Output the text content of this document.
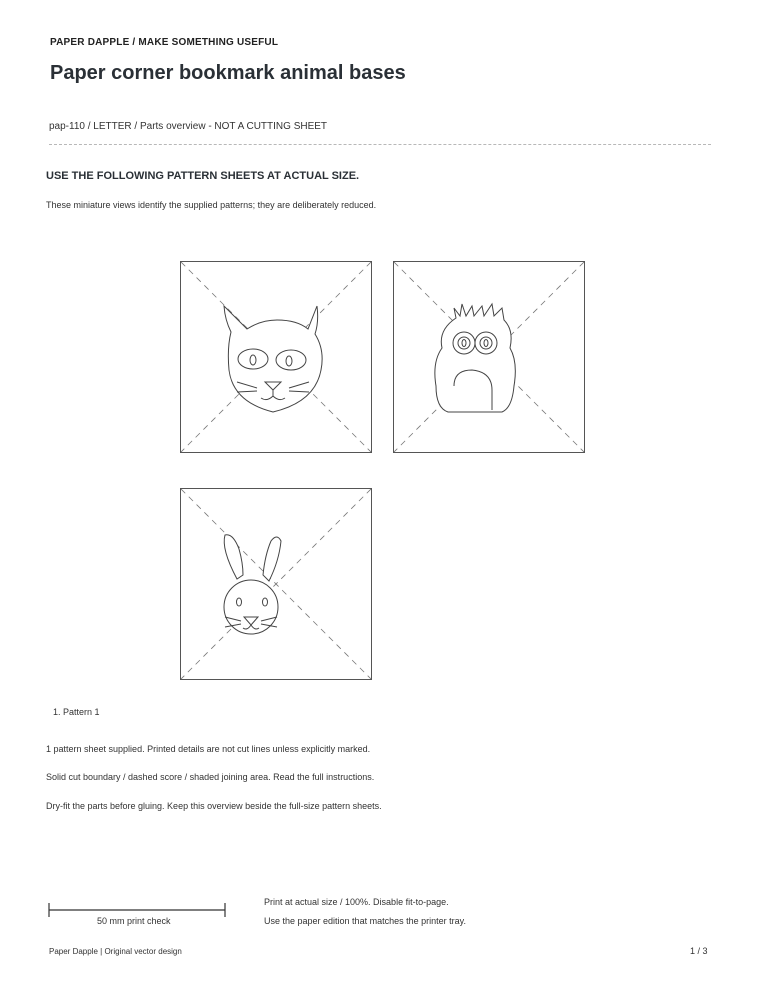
PAPER DAPPLE / MAKE SOMETHING USEFUL
Paper corner bookmark animal bases
pap-110 / LETTER / Parts overview - NOT A CUTTING SHEET
USE THE FOLLOWING PATTERN SHEETS AT ACTUAL SIZE.
These miniature views identify the supplied patterns; they are deliberately reduced.
1. Pattern 1
1 pattern sheet supplied. Printed details are not cut lines unless explicitly marked.
Solid cut boundary / dashed score / shaded joining area. Read the full instructions.
Dry-fit the parts before gluing. Keep this overview beside the full-size pattern sheets.
50 mm print check
Print at actual size / 100%. Disable fit-to-page.
Use the paper edition that matches the printer tray.
Paper Dapple | Original vector design	1 / 3
